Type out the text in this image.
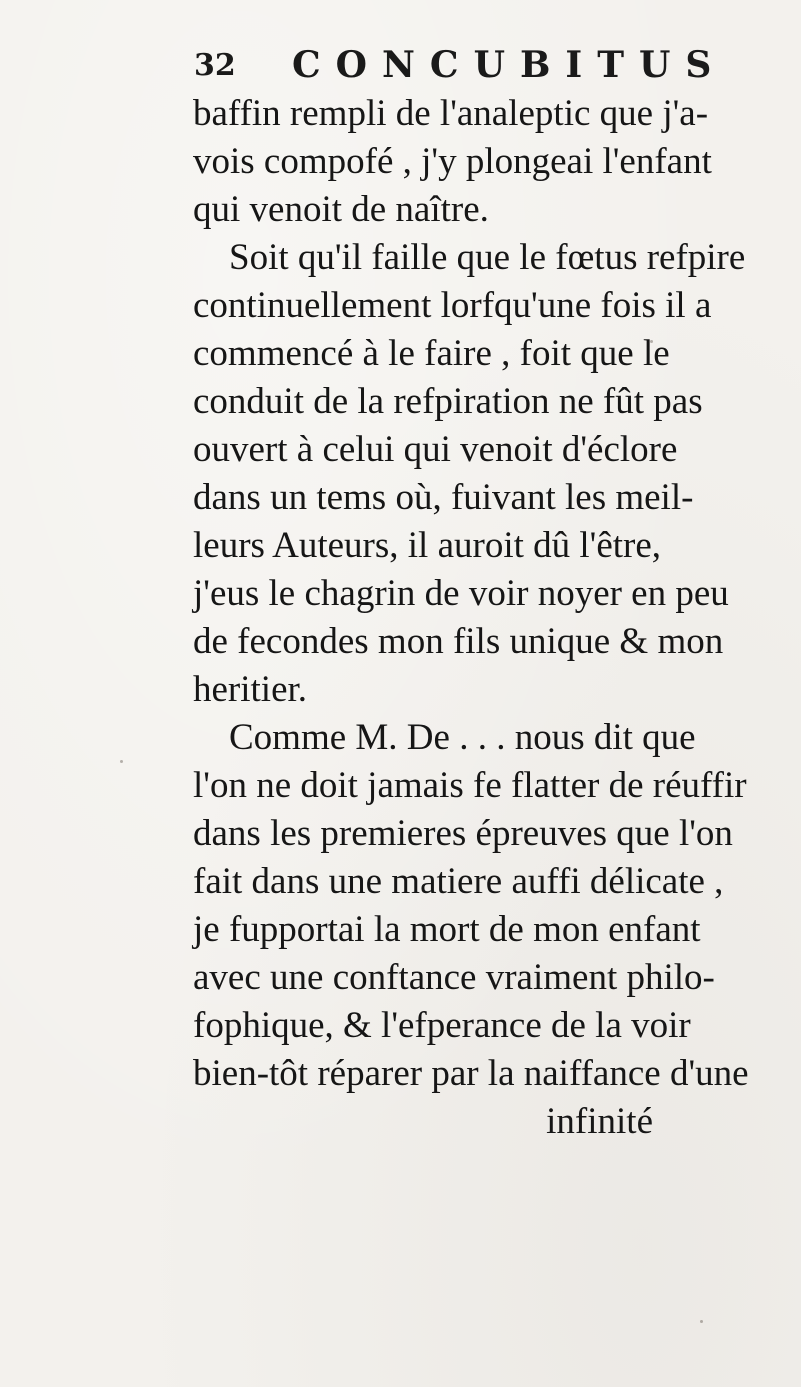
32 CONCUBITUS
baffin rempli de l'analeptic que j'a-
vois compofé , j'y plongeai l'enfant
qui venoit de naître.
Soit qu'il faille que le fœtus refpire
continuellement lorfqu'une fois il a
commencé à le faire , foit que le
conduit de la refpiration ne fût pas
ouvert à celui qui venoit d'éclore
dans un tems où, fuivant les meil-
leurs Auteurs, il auroit dû l'être,
j'eus le chagrin de voir noyer en peu
de fecondes mon fils unique & mon
heritier.
Comme M. De . . . nous dit que
l'on ne doit jamais fe flatter de réuffir
dans les premieres épreuves que l'on
fait dans une matiere auffi délicate ,
je fupportai la mort de mon enfant
avec une conftance vraiment philo-
fophique, & l'efperance de la voir
bien-tôt réparer par la naiffance d'une
infinité
